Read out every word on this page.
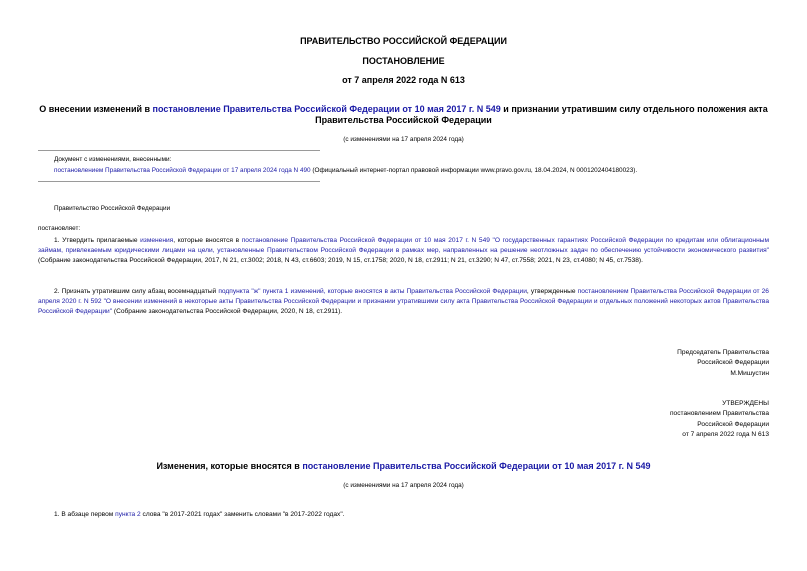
ПРАВИТЕЛЬСТВО РОССИЙСКОЙ ФЕДЕРАЦИИ
ПОСТАНОВЛЕНИЕ
от 7 апреля 2022 года N 613
О внесении изменений в постановление Правительства Российской Федерации от 10 мая 2017 г. N 549 и признании утратившим силу отдельного положения акта
Правительства Российской Федерации
(с изменениями на 17 апреля 2024 года)
Документ с изменениями, внесенными:
постановлением Правительства Российской Федерации от 17 апреля 2024 года N 490 (Официальный интернет-портал правовой информации www.pravo.gov.ru, 18.04.2024, N 0001202404180023).
Правительство Российской Федерации
постановляет:
1. Утвердить прилагаемые изменения, которые вносятся в постановление Правительства Российской Федерации от 10 мая 2017 г. N 549 "О государственных гарантиях Российской Федерации по кредитам или облигационным займам, привлекаемым юридическими лицами на цели, установленные Правительством Российской Федерации в рамках мер, направленных на решение неотложных задач по обеспечению устойчивости экономического развития" (Собрание законодательства Российской Федерации, 2017, N 21, ст.3002; 2018, N 43, ст.6603; 2019, N 15, ст.1758; 2020, N 18, ст.2911; N 21, ст.3290; N 47, ст.7558; 2021, N 23, ст.4080; N 45, ст.7538).
2. Признать утратившим силу абзац восемнадцатый подпункта "ж" пункта 1 изменений, которые вносятся в акты Правительства Российской Федерации, утвержденные постановлением Правительства Российской Федерации от 26 апреля 2020 г. N 592 "О внесении изменений в некоторые акты Правительства Российской Федерации и признании утратившими силу акта Правительства Российской Федерации и отдельных положений некоторых актов Правительства Российской Федерации" (Собрание законодательства Российской Федерации, 2020, N 18, ст.2911).
Председатель Правительства
Российской Федерации
М.Мишустин
УТВЕРЖДЕНЫ
постановлением Правительства
Российской Федерации
от 7 апреля 2022 года N 613
Изменения, которые вносятся в постановление Правительства Российской Федерации от 10 мая 2017 г. N 549
(с изменениями на 17 апреля 2024 года)
1. В абзаце первом пункта 2 слова "в 2017-2021 годах" заменить словами "в 2017-2022 годах".
